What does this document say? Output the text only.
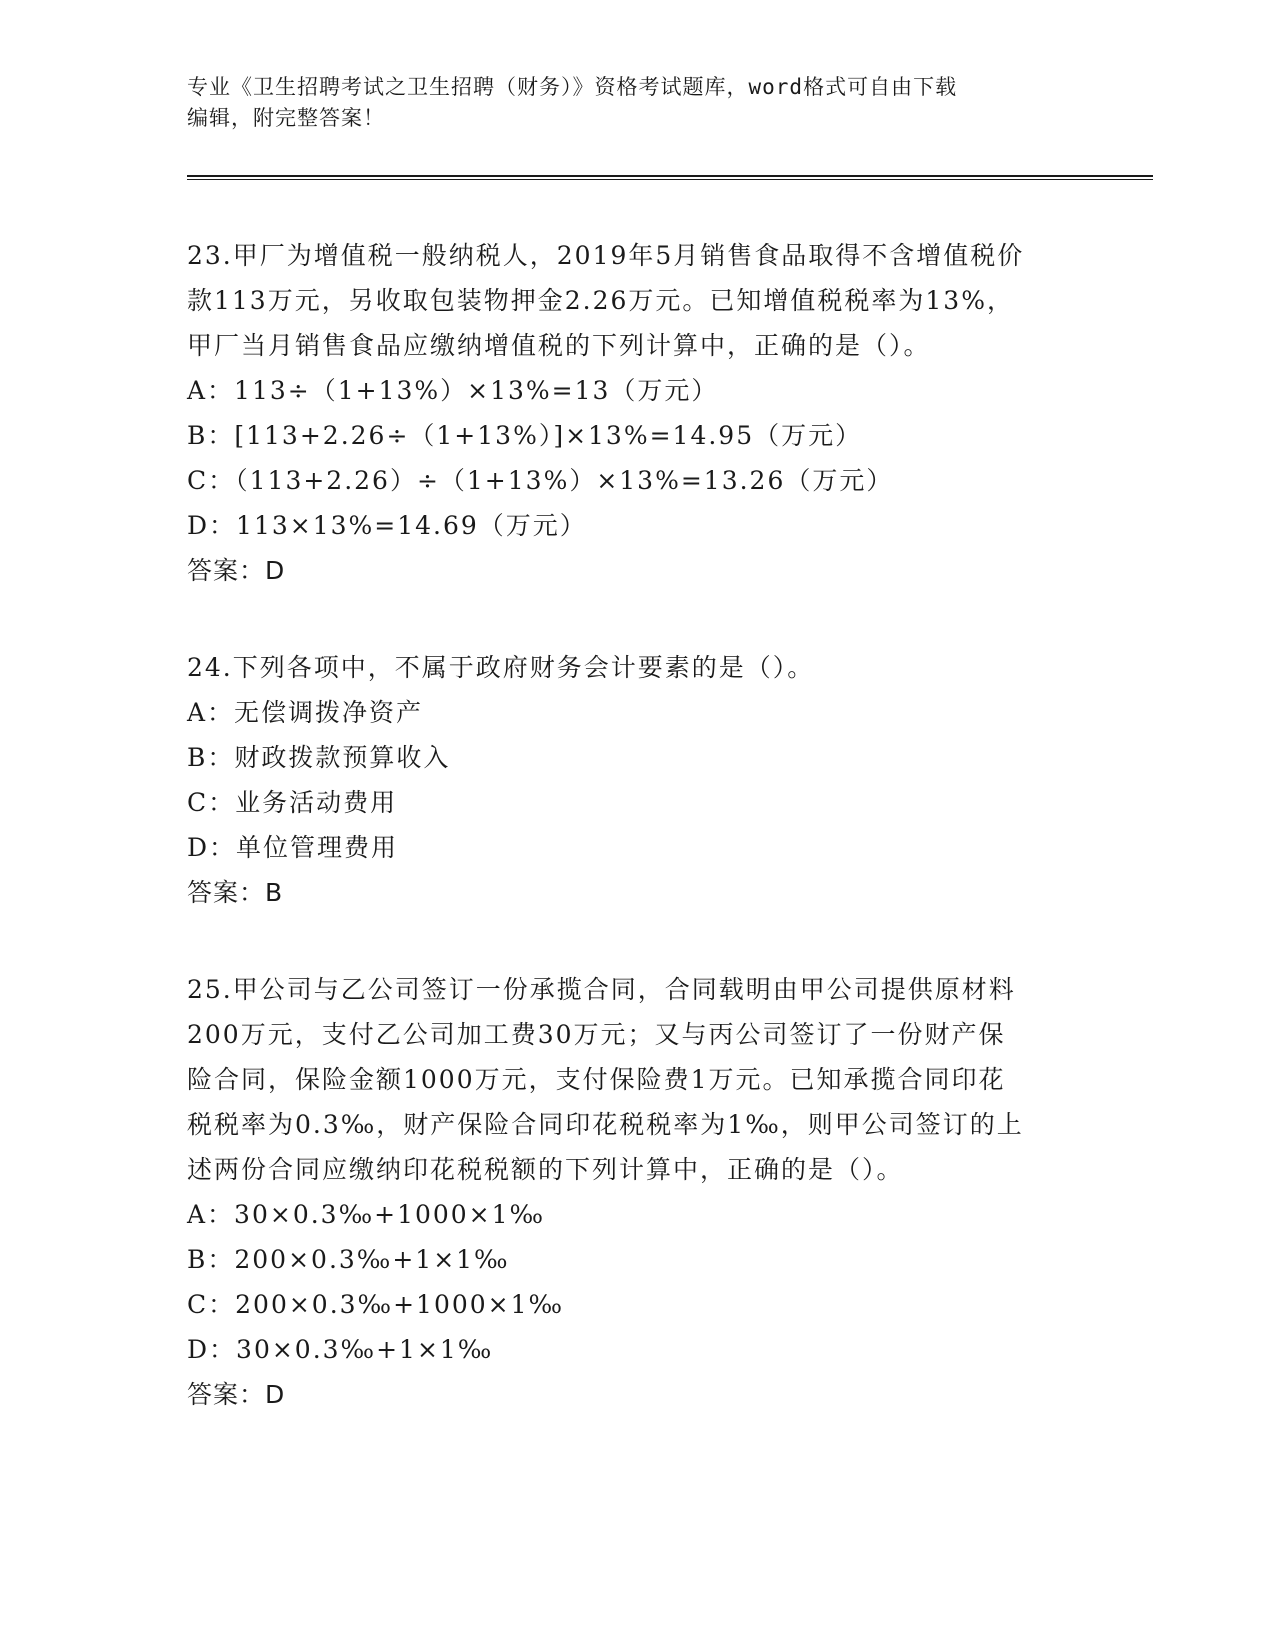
专业《卫生招聘考试之卫生招聘（财务）》资格考试题库，word格式可自由下载
编辑，附完整答案！
23.甲厂为增值税一般纳税人，2019年5月销售食品取得不含增值税价
款113万元，另收取包装物押金2.26万元。已知增值税税率为13%，
甲厂当月销售食品应缴纳增值税的下列计算中，正确的是（）。
A：113÷（1+13%）×13%=13（万元）
B：[113+2.26÷（1+13%）]×13%=14.95（万元）
C：（113+2.26）÷（1+13%）×13%=13.26（万元）
D：113×13%=14.69（万元）
答案：D
24.下列各项中，不属于政府财务会计要素的是（）。
A：无偿调拨净资产
B：财政拨款预算收入
C：业务活动费用
D：单位管理费用
答案：B
25.甲公司与乙公司签订一份承揽合同，合同载明由甲公司提供原材料
200万元，支付乙公司加工费30万元；又与丙公司签订了一份财产保
险合同，保险金额1000万元，支付保险费1万元。已知承揽合同印花
税税率为0.3‰，财产保险合同印花税税率为1‰，则甲公司签订的上
述两份合同应缴纳印花税税额的下列计算中，正确的是（）。
A：30×0.3‰+1000×1‰
B：200×0.3‰+1×1‰
C：200×0.3‰+1000×1‰
D：30×0.3‰+1×1‰
答案：D
